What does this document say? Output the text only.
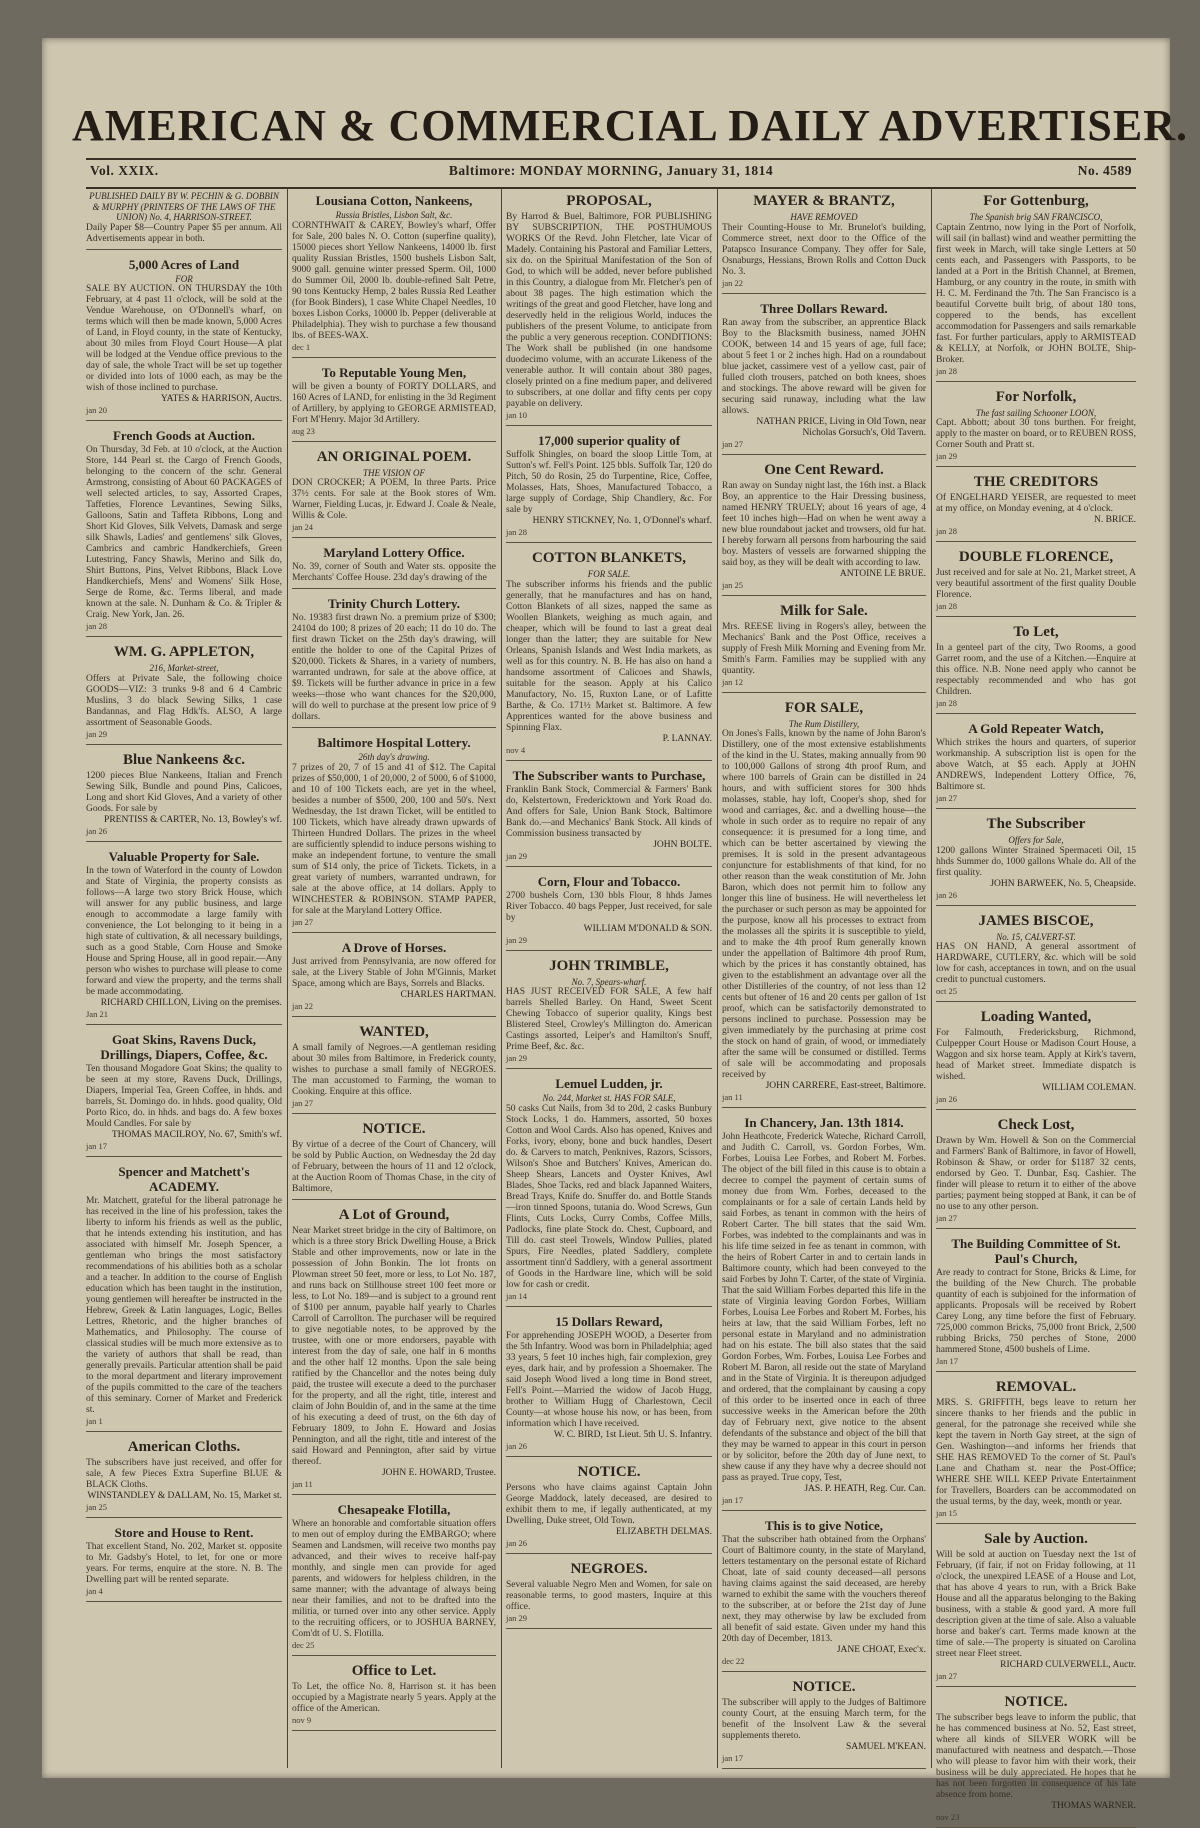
AMERICAN & COMMERCIAL DAILY ADVERTISER.
Vol. XXIX.	Baltimore: MONDAY MORNING, January 31, 1814	No. 4589
PUBLISHED DAILY BY W. PECHIN & G. DOBBIN & MURPHY (PRINTERS OF THE LAWS OF THE UNION) No. 4, HARRISON-STREET.
Daily Paper $8—Country Paper $5 per annum. All Advertisements appear in both.
5,000 Acres of Land
FOR
SALE BY AUCTION. ON THURSDAY the 10th February, at 4 past 11 o'clock, will be sold at the Vendue Warehouse, on O'Donnell's wharf, on terms which will then be made known, 5,000 Acres of Land, in Floyd county, in the state of Kentucky, about 30 miles from Floyd Court House—A plat will be lodged at the Vendue office previous to the day of sale, the whole Tract will be set up together or divided into lots of 1000 each, as may be the wish of those inclined to purchase.
YATES & HARRISON, Auctrs.
jan 20
French Goods at Auction.
On Thursday, 3d Feb. at 10 o'clock, at the Auction Store, 144 Pearl st. the Cargo of French Goods, belonging to the concern of the schr. General Armstrong, consisting of About 60 PACKAGES of well selected articles, to say, Assorted Crapes, Taffeties, Florence Levantines, Sewing Silks, Galloons, Satin and Taffeta Ribbons, Long and Short Kid Gloves, Silk Velvets, Damask and serge silk Shawls, Ladies' and gentlemens' silk Gloves, Cambrics and cambric Handkerchiefs, Green Lutestring, Fancy Shawls, Merino and Silk do, Shirt Buttons, Pins, Velvet Ribbons, Black Love Handkerchiefs, Mens' and Womens' Silk Hose, Serge de Rome, &c. Terms liberal, and made known at the sale. N. Dunham & Co. & Tripler & Craig. New York, Jan. 26.
jan 28
WM. G. APPLETON,
216, Market-street,
Offers at Private Sale, the following choice GOODS—VIZ: 3 trunks 9-8 and 6 4 Cambric Muslins, 3 do black Sewing Silks, 1 case Bandannas, and Flag Hdk'fs. ALSO, A large assortment of Seasonable Goods.
jan 29
Blue Nankeens &c.
1200 pieces Blue Nankeens, Italian and French Sewing Silk, Bundle and pound Pins, Calicoes, Long and short Kid Gloves, And a variety of other Goods. For sale by
PRENTISS & CARTER, No. 13, Bowley's wf.
jan 26
Valuable Property for Sale.
In the town of Waterford in the county of Lowdon and State of Virginia, the property consists as follows—A large two story Brick House, which will answer for any public business, and large enough to accommodate a large family with convenience, the Lot belonging to it being in a high state of cultivation, & all necessary buildings, such as a good Stable, Corn House and Smoke House and Spring House, all in good repair.—Any person who wishes to purchase will please to come forward and view the property, and the terms shall be made accommodating.
RICHARD CHILLON, Living on the premises.
Jan 21
Goat Skins, Ravens Duck, Drillings, Diapers, Coffee, &c.
Ten thousand Mogadore Goat Skins; the quality to be seen at my store, Ravens Duck, Drillings, Diapers, Imperial Tea, Green Coffee, in hhds. and barrels, St. Domingo do. in hhds. good quality, Old Porto Rico, do. in hhds. and bags do. A few boxes Mould Candles. For sale by
THOMAS MACILROY, No. 67, Smith's wf.
jan 17
Spencer and Matchett's ACADEMY.
Mr. Matchett, grateful for the liberal patronage he has received in the line of his profession, takes the liberty to inform his friends as well as the public, that he intends extending his institution, and has associated with himself Mr. Joseph Spencer, a gentleman who brings the most satisfactory recommendations of his abilities both as a scholar and a teacher. In addition to the course of English education which has been taught in the institution, young gentlemen will hereafter be instructed in the Hebrew, Greek & Latin languages, Logic, Belles Lettres, Rhetoric, and the higher branches of Mathematics, and Philosophy. The course of classical studies will be much more extensive as to the variety of authors that shall be read, than generally prevails. Particular attention shall be paid to the moral department and literary improvement of the pupils committed to the care of the teachers of this seminary. Corner of Market and Frederick st.
jan 1
American Cloths.
The subscribers have just received, and offer for sale, A few Pieces Extra Superfine BLUE & BLACK Cloths.
WINSTANDLEY & DALLAM, No. 15, Market st.
jan 25
Store and House to Rent.
That excellent Stand, No. 202, Market st. opposite to Mr. Gadsby's Hotel, to let, for one or more years. For terms, enquire at the store. N. B. The Dwelling part will be rented separate.
jan 4
Lousiana Cotton, Nankeens,
Russia Bristles, Lisbon Salt, &c.
CORNTHWAIT & CAREY, Bowley's wharf, Offer for Sale, 200 bales N. O. Cotton (superfine quality), 15000 pieces short Yellow Nankeens, 14000 lb. first quality Russian Bristles, 1500 bushels Lisbon Salt, 9000 gall. genuine winter pressed Sperm. Oil, 1000 do Summer Oil, 2000 lb. double-refined Salt Petre, 90 tons Kentucky Hemp, 2 bales Russia Red Leather (for Book Binders), 1 case White Chapel Needles, 10 boxes Lisbon Corks, 10000 lb. Pepper (deliverable at Philadelphia). They wish to purchase a few thousand lbs. of BEES-WAX.
dec 1
To Reputable Young Men,
will be given a bounty of FORTY DOLLARS, and 160 Acres of LAND, for enlisting in the 3d Regiment of Artillery, by applying to GEORGE ARMISTEAD, Fort M'Henry. Major 3d Artillery.
aug 23
AN ORIGINAL POEM.
THE VISION OF
DON CROCKER; A POEM, In three Parts. Price 37½ cents. For sale at the Book stores of Wm. Warner, Fielding Lucas, jr. Edward J. Coale & Neale, Willis & Cole.
jan 24
Maryland Lottery Office.
No. 39, corner of South and Water sts. opposite the Merchants' Coffee House. 23d day's drawing of the
Trinity Church Lottery.
No. 19383 first drawn No. a premium prize of $300; 24104 do 100; 8 prizes of 20 each; 11 do 10 do. The first drawn Ticket on the 25th day's drawing, will entitle the holder to one of the Capital Prizes of $20,000. Tickets & Shares, in a variety of numbers, warranted undrawn, for sale at the above office, at $9. Tickets will be further advance in price in a few weeks—those who want chances for the $20,000, will do well to purchase at the present low price of 9 dollars.
Baltimore Hospital Lottery.
26th day's drawing.
7 prizes of 20, 7 of 15 and 41 of $12. The Capital prizes of $50,000, 1 of 20,000, 2 of 5000, 6 of $1000, and 10 of 100 Tickets each, are yet in the wheel, besides a number of $500, 200, 100 and 50's. Next Wednesday, the 1st drawn Ticket, will be entitled to 100 Tickets, which have already drawn upwards of Thirteen Hundred Dollars. The prizes in the wheel are sufficiently splendid to induce persons wishing to make an independent fortune, to venture the small sum of $14 only, the price of Tickets. Tickets, in a great variety of numbers, warranted undrawn, for sale at the above office, at 14 dollars. Apply to WINCHESTER & ROBINSON. STAMP PAPER, for sale at the Maryland Lottery Office.
jan 27
A Drove of Horses.
Just arrived from Pennsylvania, are now offered for sale, at the Livery Stable of John M'Ginnis, Market Space, among which are Bays, Sorrels and Blacks.
CHARLES HARTMAN.
jan 22
WANTED,
A small family of Negroes.—A gentleman residing about 30 miles from Baltimore, in Frederick county, wishes to purchase a small family of NEGROES. The man accustomed to Farming, the woman to Cooking. Enquire at this office.
jan 27
NOTICE.
By virtue of a decree of the Court of Chancery, will be sold by Public Auction, on Wednesday the 2d day of February, between the hours of 11 and 12 o'clock, at the Auction Room of Thomas Chase, in the city of Baltimore,
A Lot of Ground,
Near Market street bridge in the city of Baltimore, on which is a three story Brick Dwelling House, a Brick Stable and other improvements, now or late in the possession of John Bonkin. The lot fronts on Plowman street 50 feet, more or less, to Lot No. 187, and runs back on Stillhouse street 100 feet more or less, to Lot No. 189—and is subject to a ground rent of $100 per annum, payable half yearly to Charles Carroll of Carrollton. The purchaser will be required to give negotiable notes, to be approved by the trustee, with one or more endorsers, payable with interest from the day of sale, one half in 6 months and the other half 12 months. Upon the sale being ratified by the Chancellor and the notes being duly paid, the trustee will execute a deed to the purchaser for the property, and all the right, title, interest and claim of John Bouldin of, and in the same at the time of his executing a deed of trust, on the 6th day of February 1809, to John E. Howard and Josias Pennington, and all the right, title and interest of the said Howard and Pennington, after said by virtue thereof.
JOHN E. HOWARD, Trustee.
jan 11
Chesapeake Flotilla,
Where an honorable and comfortable situation offers to men out of employ during the EMBARGO; where Seamen and Landsmen, will receive two months pay advanced, and their wives to receive half-pay monthly, and single men can provide for aged parents, and widowers for helpless children, in the same manner; with the advantage of always being near their families, and not to be drafted into the militia, or turned over into any other service. Apply to the recruiting officers, or to JOSHUA BARNEY, Com'dt of U. S. Flotilla.
dec 25
Office to Let.
To Let, the office No. 8, Harrison st. it has been occupied by a Magistrate nearly 5 years. Apply at the office of the American.
nov 9
PROPOSAL,
By Harrod & Buel, Baltimore, FOR PUBLISHING BY SUBSCRIPTION, THE POSTHUMOUS WORKS Of the Revd. John Fletcher, late Vicar of Madely. Containing his Pastoral and Familiar Letters, six do. on the Spiritual Manifestation of the Son of God, to which will be added, never before published in this Country, a dialogue from Mr. Fletcher's pen of about 38 pages. The high estimation which the writings of the great and good Fletcher, have long and deservedly held in the religious World, induces the publishers of the present Volume, to anticipate from the public a very generous reception. CONDITIONS: The Work shall be published (in one handsome duodecimo volume, with an accurate Likeness of the venerable author. It will contain about 380 pages, closely printed on a fine medium paper, and delivered to subscribers, at one dollar and fifty cents per copy payable on delivery.
jan 10
17,000 superior quality of
Suffolk Shingles, on board the sloop Little Tom, at Sutton's wf. Fell's Point. 125 bbls. Suffolk Tar, 120 do Pitch, 50 do Rosin, 25 do Turpentine, Rice, Coffee, Molasses, Hats, Shoes, Manufactured Tobacco, a large supply of Cordage, Ship Chandlery, &c. For sale by
HENRY STICKNEY, No. 1, O'Donnel's wharf.
jan 28
COTTON BLANKETS,
FOR SALE.
The subscriber informs his friends and the public generally, that he manufactures and has on hand, Cotton Blankets of all sizes, napped the same as Woollen Blankets, weighing as much again, and cheaper, which will be found to last a great deal longer than the latter; they are suitable for New Orleans, Spanish Islands and West India markets, as well as for this country. N. B. He has also on hand a handsome assortment of Calicoes and Shawls, suitable for the season. Apply at his Calico Manufactory, No. 15, Ruxton Lane, or of Lafitte Barthe, & Co. 171½ Market st. Baltimore. A few Apprentices wanted for the above business and Spinning Flax.
P. LANNAY.
nov 4
The Subscriber wants to Purchase,
Franklin Bank Stock, Commercial & Farmers' Bank do, Kelstertown, Fredericktown and York Road do. And offers for Sale, Union Bank Stock, Baltimore Bank do.—and Mechanics' Bank Stock. All kinds of Commission business transacted by
JOHN BOLTE.
jan 29
Corn, Flour and Tobacco.
2700 bushels Corn, 130 bbls Flour, 8 hhds James River Tobacco. 40 bags Pepper, Just received, for sale by
WILLIAM M'DONALD & SON.
jan 29
JOHN TRIMBLE,
No. 7, Spears-wharf.
HAS JUST RECEIVED FOR SALE, A few half barrels Shelled Barley. On Hand, Sweet Scent Chewing Tobacco of superior quality, Kings best Blistered Steel, Crowley's Millington do. American Castings assorted, Leiper's and Hamilton's Snuff, Prime Beef, &c. &c.
jan 29
Lemuel Ludden, jr.
No. 244, Market st. HAS FOR SALE,
50 casks Cut Nails, from 3d to 20d, 2 casks Bunbury Stock Locks, 1 do. Hammers, assorted, 50 boxes Cotton and Wool Cards. Also has opened, Knives and Forks, ivory, ebony, bone and buck handles, Desert do. & Carvers to match, Penknives, Razors, Scissors, Wilson's Shoe and Butchers' Knives, American do. Sheep Shears, Lancets and Oyster Knives, Awl Blades, Shoe Tacks, red and black Japanned Waiters, Bread Trays, Knife do. Snuffer do. and Bottle Stands—iron tinned Spoons, tutania do. Wood Screws, Gun Flints, Cuts Locks, Curry Combs, Coffee Mills, Padlocks, fine plate Stock do. Chest, Cupboard, and Till do. cast steel Trowels, Window Pullies, plated Spurs, Fire Needles, plated Saddlery, complete assortment tinn'd Saddlery, with a general assortment of Goods in the Hardware line, which will be sold low for cash or credit.
jan 14
15 Dollars Reward,
For apprehending JOSEPH WOOD, a Deserter from the 5th Infantry. Wood was born in Philadelphia; aged 33 years, 5 feet 10 inches high, fair complexion, grey eyes, dark hair, and by profession a Shoemaker. The said Joseph Wood lived a long time in Bond street, Fell's Point.—Married the widow of Jacob Hugg, brother to William Hugg of Charlestown, Cecil County—at whose house his now, or has been, from information which I have received.
W. C. BIRD, 1st Lieut. 5th U. S. Infantry.
jan 26
NOTICE.
Persons who have claims against Captain John George Maddock, lately deceased, are desired to exhibit them to me, if legally authenticated, at my Dwelling, Duke street, Old Town.
ELIZABETH DELMAS.
jan 26
NEGROES.
Several valuable Negro Men and Women, for sale on reasonable terms, to good masters, Inquire at this office.
jan 29
MAYER & BRANTZ,
HAVE REMOVED
Their Counting-House to Mr. Brunelot's building, Commerce street, next door to the Office of the Patapsco Insurance Company. They offer for Sale, Osnaburgs, Hessians, Brown Rolls and Cotton Duck No. 3.
jan 22
Three Dollars Reward.
Ran away from the subscriber, an apprentice Black Boy to the Blacksmith business, named JOHN COOK, between 14 and 15 years of age, full face; about 5 feet 1 or 2 inches high. Had on a roundabout blue jacket, cassimere vest of a yellow cast, pair of fulled cloth trousers, patched on both knees, shoes and stockings. The above reward will be given for securing said runaway, including what the law allows.
NATHAN PRICE, Living in Old Town, near Nicholas Gorsuch's, Old Tavern.
jan 27
One Cent Reward.
Ran away on Sunday night last, the 16th inst. a Black Boy, an apprentice to the Hair Dressing business, named HENRY TRUELY; about 16 years of age, 4 feet 10 inches high—Had on when he went away a new blue roundabout jacket and trowsers, old fur hat. I hereby forwarn all persons from harbouring the said boy. Masters of vessels are forwarned shipping the said boy, as they will be dealt with according to law.
ANTOINE LE BRUE.
jan 25
Milk for Sale.
Mrs. REESE living in Rogers's alley, between the Mechanics' Bank and the Post Office, receives a supply of Fresh Milk Morning and Evening from Mr. Smith's Farm. Families may be supplied with any quantity.
jan 12
FOR SALE,
The Rum Distillery,
On Jones's Falls, known by the name of John Baron's Distillery, one of the most extensive establishments of the kind in the U. States, making annually from 90 to 100,000 Gallons of strong 4th proof Rum, and where 100 barrels of Grain can be distilled in 24 hours, and with sufficient stores for 300 hhds molasses, stable, hay loft, Cooper's shop, shed for wood and carriages, &c. and a dwelling house—the whole in such order as to require no repair of any consequence: it is presumed for a long time, and which can be better ascertained by viewing the premises. It is sold in the present advantageous conjuncture for establishments of that kind, for no other reason than the weak constitution of Mr. John Baron, which does not permit him to follow any longer this line of business. He will nevertheless let the purchaser or such person as may be appointed for the purpose, know all his processes to extract from the molasses all the spirits it is susceptible to yield, and to make the 4th proof Rum generally known under the appellation of Baltimore 4th proof Rum, which by the prices it has constantly obtained, has given to the establishment an advantage over all the other Distilleries of the country, of not less than 12 cents but oftener of 16 and 20 cents per gallon of 1st proof, which can be satisfactorily demonstrated to persons inclined to purchase. Possession may be given immediately by the purchasing at prime cost the stock on hand of grain, of wood, or immediately after the same will be consumed or distilled. Terms of sale will be accommodating and proposals received by
JOHN CARRERE, East-street, Baltimore.
jan 11
In Chancery, Jan. 13th 1814.
John Heathcote, Frederick Wateche, Richard Carroll, and Judith C. Carroll, vs. Gordon Forbes, Wm. Forbes, Louisa Lee Forbes, and Robert M. Forbes. The object of the bill filed in this cause is to obtain a decree to compel the payment of certain sums of money due from Wm. Forbes, deceased to the complainants or for a sale of certain Lands held by said Forbes, as tenant in common with the heirs of Robert Carter. The bill states that the said Wm. Forbes, was indebted to the complainants and was in his life time seized in fee as tenant in common, with the heirs of Robert Carter in and to certain lands in Baltimore county, which had been conveyed to the said Forbes by John T. Carter, of the state of Virginia. That the said William Forbes departed this life in the state of Virginia leaving Gordon Forbes, William Forbes, Louisa Lee Forbes and Robert M. Forbes, his heirs at law, that the said William Forbes, left no personal estate in Maryland and no administration had on his estate. The bill also states that the said Gordon Forbes, Wm. Forbes, Louisa Lee Forbes and Robert M. Baron, all reside out the state of Maryland and in the State of Virginia. It is thereupon adjudged and ordered, that the complainant by causing a copy of this order to be inserted once in each of three successive weeks in the American before the 20th day of February next, give notice to the absent defendants of the substance and object of the bill that they may be warned to appear in this court in person or by solicitor, before the 20th day of June next, to shew cause if any they have why a decree should not pass as prayed. True copy, Test,
JAS. P. HEATH, Reg. Cur. Can.
jan 17
This is to give Notice,
That the subscriber hath obtained from the Orphans' Court of Baltimore county, in the state of Maryland, letters testamentary on the personal estate of Richard Choat, late of said county deceased—all persons having claims against the said deceased, are hereby warned to exhibit the same with the vouchers thereof to the subscriber, at or before the 21st day of June next, they may otherwise by law be excluded from all benefit of said estate. Given under my hand this 20th day of December, 1813.
JANE CHOAT, Exec'x.
dec 22
NOTICE.
The subscriber will apply to the Judges of Baltimore county Court, at the ensuing March term, for the benefit of the Insolvent Law & the several supplements thereto.
SAMUEL M'KEAN.
jan 17
For Gottenburg,
The Spanish brig SAN FRANCISCO,
Captain Zentrno, now lying in the Port of Norfolk, will sail (in ballast) wind and weather permitting the first week in March, will take single Letters at 50 cents each, and Passengers with Passports, to be landed at a Port in the British Channel, at Bremen, Hamburg, or any country in the route, in smith with H. C. M. Ferdinand the 7th. The San Francisco is a beautiful Corvette built brig, of about 180 tons, coppered to the bends, has excellent accommodation for Passengers and sails remarkable fast. For further particulars, apply to ARMISTEAD & KELLY, at Norfolk, or JOHN BOLTE, Ship-Broker.
jan 28
For Norfolk,
The fast sailing Schooner LOON,
Capt. Abbott; about 30 tons burthen. For freight, apply to the master on board, or to REUBEN ROSS, Corner South and Pratt st.
jan 29
THE CREDITORS
Of ENGELHARD YEISER, are requested to meet at my office, on Monday evening, at 4 o'clock.
N. BRICE.
jan 28
DOUBLE FLORENCE,
Just received and for sale at No. 21, Market street, A very beautiful assortment of the first quality Double Florence.
jan 28
To Let,
In a genteel part of the city, Two Rooms, a good Garret room, and the use of a Kitchen.—Enquire at this office. N.B. None need apply who cannot be respectably recommended and who has got Children.
jan 28
A Gold Repeater Watch,
Which strikes the hours and quarters, of superior workmanship. A subscription list is open for the above Watch, at $5 each. Apply at JOHN ANDREWS, Independent Lottery Office, 76, Baltimore st.
jan 27
The Subscriber
Offers for Sale,
1200 gallons Winter Strained Spermaceti Oil, 15 hhds Summer do, 1000 gallons Whale do. All of the first quality.
JOHN BARWEEK, No. 5, Cheapside.
jan 26
JAMES BISCOE,
No. 15, CALVERT-ST.
HAS ON HAND, A general assortment of HARDWARE, CUTLERY, &c. which will be sold low for cash, acceptances in town, and on the usual credit to punctual customers.
oct 25
Loading Wanted,
For Falmouth, Fredericksburg, Richmond, Culpepper Court House or Madison Court House, a Waggon and six horse team. Apply at Kirk's tavern, head of Market street. Immediate dispatch is wished.
WILLIAM COLEMAN.
jan 26
Check Lost,
Drawn by Wm. Howell & Son on the Commercial and Farmers' Bank of Baltimore, in favor of Howell, Robinson & Shaw, or order for $1187 32 cents, endorsed by Geo. T. Dunbar, Esq. Cashier. The finder will please to return it to either of the above parties; payment being stopped at Bank, it can be of no use to any other person.
jan 27
The Building Committee of St. Paul's Church,
Are ready to contract for Stone, Bricks & Lime, for the building of the New Church. The probable quantity of each is subjoined for the information of applicants. Proposals will be received by Robert Carey Long, any time before the first of February. 725,000 common Bricks, 75,000 front Brick, 2,500 rubbing Bricks, 750 perches of Stone, 2000 hammered Stone, 4500 bushels of Lime.
Jan 17
REMOVAL.
MRS. S. GRIFFITH, begs leave to return her sincere thanks to her friends and the public in general, for the patronage she received while she kept the tavern in North Gay street, at the sign of Gen. Washington—and informs her friends that SHE HAS REMOVED To the corner of St. Paul's Lane and Chatham st. near the Post-Office; WHERE SHE WILL KEEP Private Entertainment for Travellers, Boarders can be accommodated on the usual terms, by the day, week, month or year.
jan 15
Sale by Auction.
Will be sold at auction on Tuesday next the 1st of February, (if fair, if not on Friday following, at 11 o'clock, the unexpired LEASE of a House and Lot, that has above 4 years to run, with a Brick Bake House and all the apparatus belonging to the Baking business, with a stable & good yard. A more full description given at the time of sale. Also a valuable horse and baker's cart. Terms made known at the time of sale.—The property is situated on Carolina street near Fleet street.
RICHARD CULVERWELL, Auctr.
jan 27
NOTICE.
The subscriber begs leave to inform the public, that he has commenced business at No. 52, East street, where all kinds of SILVER WORK will be manufactured with neatness and despatch.—Those who will please to favor him with their work, their business will be duly appreciated. He hopes that he has not been forgotten in consequence of his late absence from home.
THOMAS WARNER.
nov 23
